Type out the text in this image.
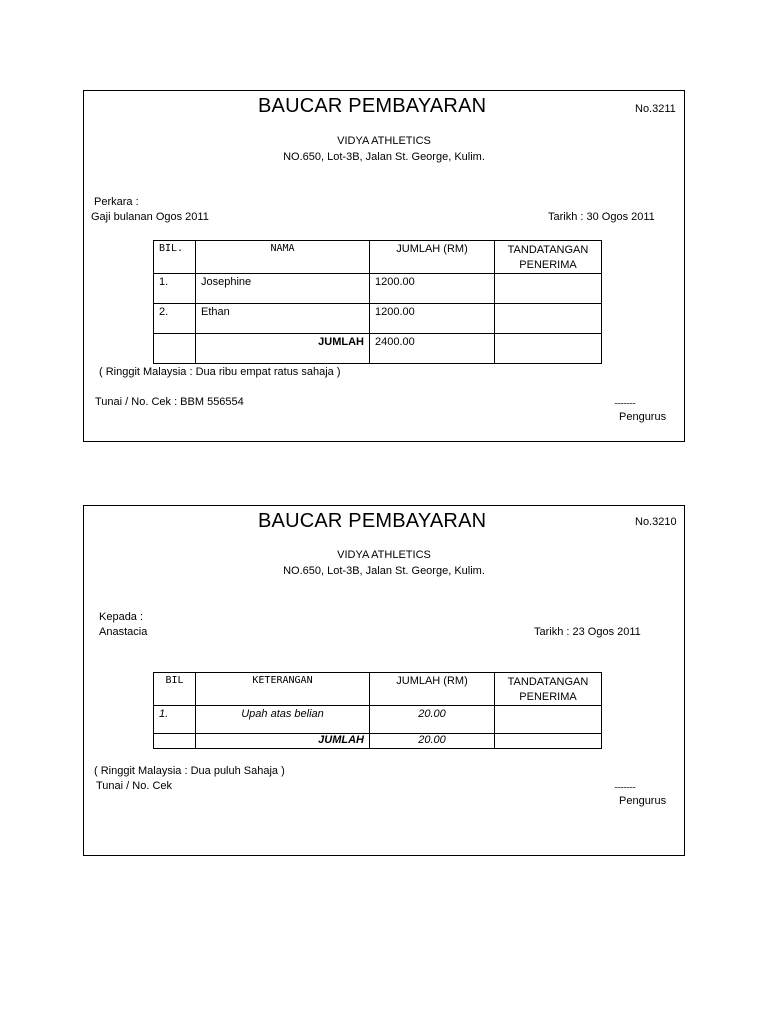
BAUCAR PEMBAYARAN	No.3211
VIDYA ATHLETICS
NO.650, Lot-3B, Jalan St. George, Kulim.
Perkara :
Gaji bulanan Ogos 2011	Tarikh : 30 Ogos 2011
BIL.	NAMA	JUMLAH (RM)	TANDATANGAN PENERIMA
1.	Josephine	1200.00	
2.	Ethan	1200.00	
	JUMLAH	2400.00	
( Ringgit Malaysia : Dua ribu empat ratus sahaja )
Tunai / No. Cek : BBM 556554	..............
Pengurus
BAUCAR PEMBAYARAN	No.3210
VIDYA ATHLETICS
NO.650, Lot-3B, Jalan St. George, Kulim.
Kepada :
Anastacia	Tarikh : 23 Ogos 2011
BIL	KETERANGAN	JUMLAH (RM)	TANDATANGAN PENERIMA
1.	Upah atas belian	20.00	
	JUMLAH	20.00	
( Ringgit Malaysia : Dua puluh Sahaja )
Tunai / No. Cek	..............
Pengurus
